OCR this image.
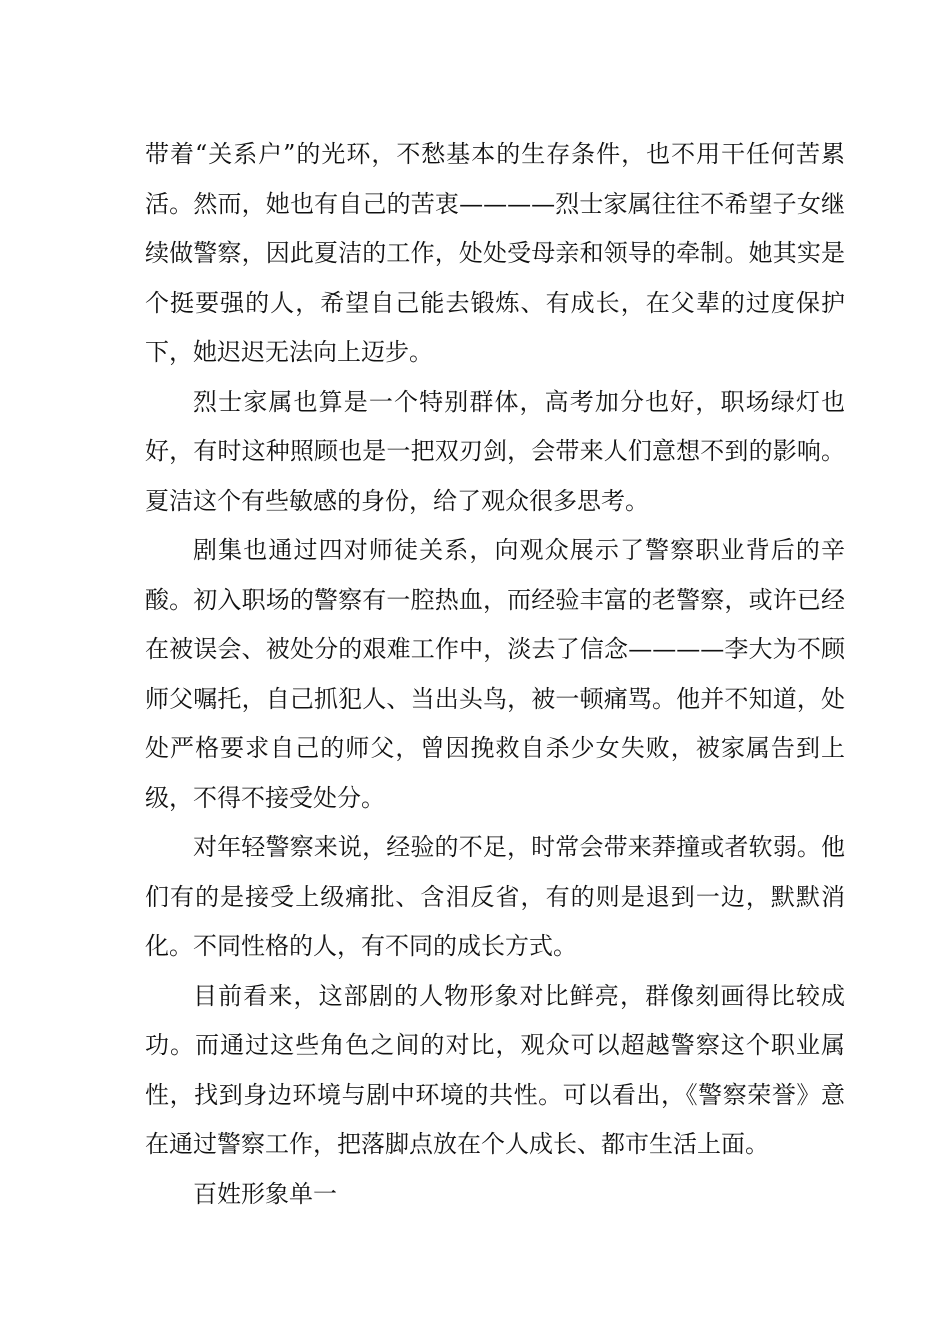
带着“关系户”的光环，不愁基本的生存条件，也不用干任何苦累活。然而，她也有自己的苦衷————烈士家属往往不希望子女继续做警察，因此夏洁的工作，处处受母亲和领导的牵制。她其实是个挺要强的人，希望自己能去锻炼、有成长，在父辈的过度保护下，她迟迟无法向上迈步。

烈士家属也算是一个特别群体，高考加分也好，职场绿灯也好，有时这种照顾也是一把双刃剑，会带来人们意想不到的影响。夏洁这个有些敏感的身份，给了观众很多思考。

剧集也通过四对师徒关系，向观众展示了警察职业背后的辛酸。初入职场的警察有一腔热血，而经验丰富的老警察，或许已经在被误会、被处分的艰难工作中，淡去了信念————李大为不顾师父嘱托，自己抓犯人、当出头鸟，被一顿痛骂。他并不知道，处处严格要求自己的师父，曾因挽救自杀少女失败，被家属告到上级，不得不接受处分。

对年轻警察来说，经验的不足，时常会带来莽撞或者软弱。他们有的是接受上级痛批、含泪反省，有的则是退到一边，默默消化。不同性格的人，有不同的成长方式。

目前看来，这部剧的人物形象对比鲜亮，群像刻画得比较成功。而通过这些角色之间的对比，观众可以超越警察这个职业属性，找到身边环境与剧中环境的共性。可以看出，《警察荣誉》意在通过警察工作，把落脚点放在个人成长、都市生活上面。

百姓形象单一
